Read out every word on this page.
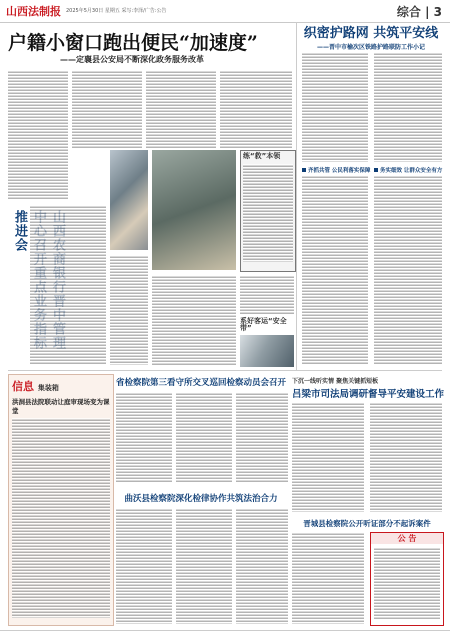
山西法制报 2025年5月30日 星期五 采写:李泽/广告:公告	综合 | 3
户籍小窗口跑出便民“加速度”
——定襄县公安局不断深化政务服务改革
推进会
练“救”本领
系好客运“安全带”
织密护路网 共筑平安线
——晋中市榆次区铁路护路联防工作小记
齐抓共管 公民利落实保障	务实细效 让群众安全有方
信息 集装箱
洪洞县法院联动让庭审现场变为课堂
省检察院第三看守所交叉巡回检察动员会召开 下沉一线听实情 聚焦关键抓短板
吕梁市司法局调研督导平安建设工作
曲沃县检察院深化检律协作共筑法治合力
晋城县检察院公开听证部分不起诉案件
公 告
